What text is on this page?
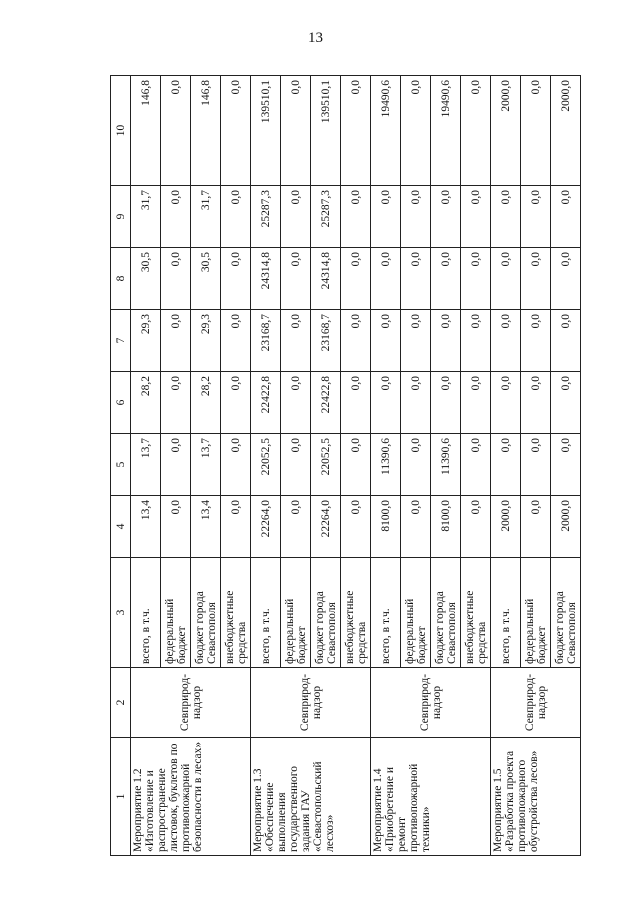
13
1	2	3	4	5	6	7	8	9	10
Мероприятие 1.2 «Изготовление и распространение листовок, буклетов по противопожарной безопасности в лесах»	Севприрод-надзор	всего, в т.ч.	13,4	13,7	28,2	29,3	30,5	31,7	146,8
		федеральный бюджет	0,0	0,0	0,0	0,0	0,0	0,0	0,0
		бюджет города Севастополя	13,4	13,7	28,2	29,3	30,5	31,7	146,8
		внебюджетные средства	0,0	0,0	0,0	0,0	0,0	0,0	0,0
Мероприятие 1.3 «Обеспечение выполнения государственного задания ГАУ «Севастопольский лесхоз»	Севприрод-надзор	всего, в т.ч.	22264,0	22052,5	22422,8	23168,7	24314,8	25287,3	139510,1
		федеральный бюджет	0,0	0,0	0,0	0,0	0,0	0,0	0,0
		бюджет города Севастополя	22264,0	22052,5	22422,8	23168,7	24314,8	25287,3	139510,1
		внебюджетные средства	0,0	0,0	0,0	0,0	0,0	0,0	0,0
Мероприятие 1.4 «Приобретение и ремонт противопожарной техники»	Севприрод-надзор	всего, в т.ч.	8100,0	11390,6	0,0	0,0	0,0	0,0	19490,6
		федеральный бюджет	0,0	0,0	0,0	0,0	0,0	0,0	0,0
		бюджет города Севастополя	8100,0	11390,6	0,0	0,0	0,0	0,0	19490,6
		внебюджетные средства	0,0	0,0	0,0	0,0	0,0	0,0	0,0
Мероприятие 1.5 «Разработка проекта противопожарного обустройства лесов»	Севприрод-надзор	всего, в т.ч.	2000,0	0,0	0,0	0,0	0,0	0,0	2000,0
		федеральный бюджет	0,0	0,0	0,0	0,0	0,0	0,0	0,0
		бюджет города Севастополя	2000,0	0,0	0,0	0,0	0,0	0,0	2000,0
